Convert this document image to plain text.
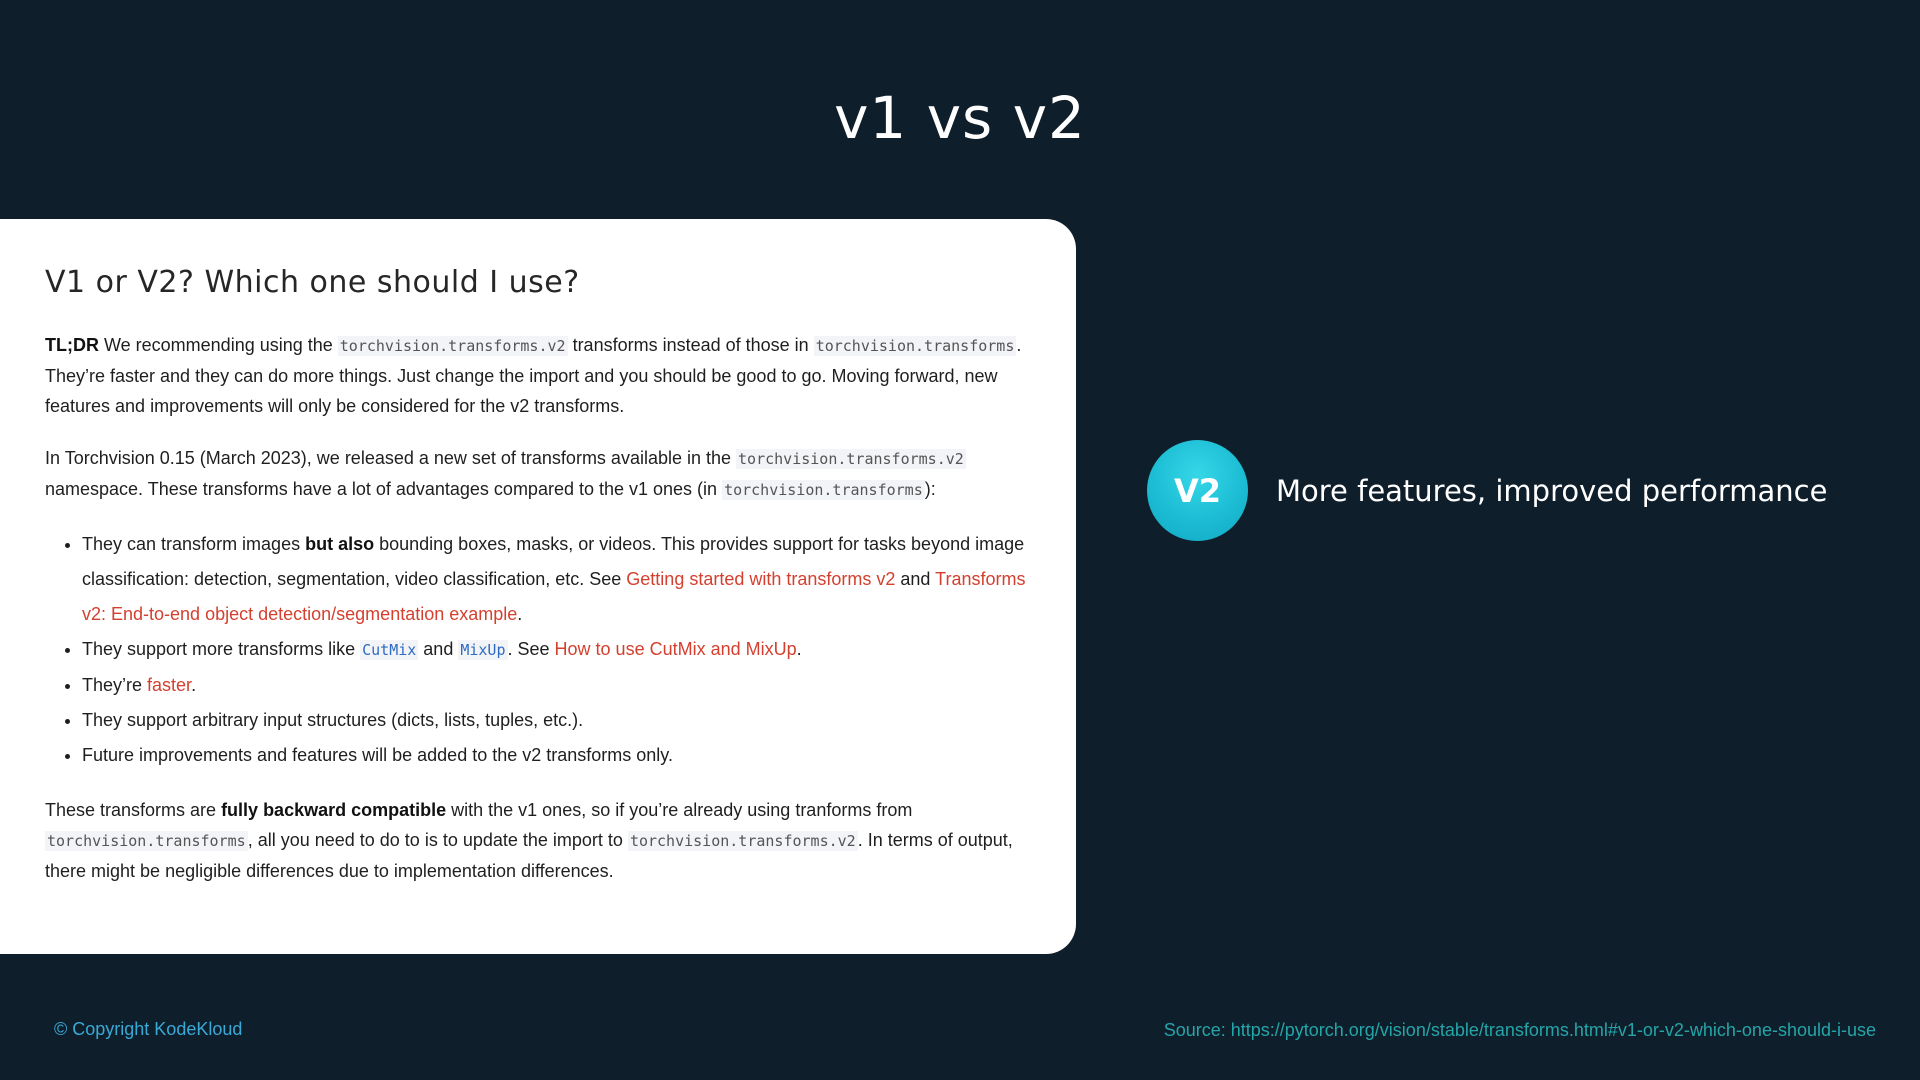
v1 vs v2
V1 or V2? Which one should I use?

TL;DR We recommending using the torchvision.transforms.v2 transforms instead of those in torchvision.transforms . They’re faster and they can do more things. Just change the import and you should be good to go. Moving forward, new features and improvements will only be considered for the v2 transforms.

In Torchvision 0.15 (March 2023), we released a new set of transforms available in the torchvision.transforms.v2 namespace. These transforms have a lot of advantages compared to the v1 ones (in torchvision.transforms ):

• They can transform images but also bounding boxes, masks, or videos. This provides support for tasks beyond image classification: detection, segmentation, video classification, etc. See Getting started with transforms v2 and Transforms v2: End-to-end object detection/segmentation example.
• They support more transforms like CutMix and MixUp . See How to use CutMix and MixUp.
• They’re faster.
• They support arbitrary input structures (dicts, lists, tuples, etc.).
• Future improvements and features will be added to the v2 transforms only.

These transforms are fully backward compatible with the v1 ones, so if you’re already using tranforms from torchvision.transforms , all you need to do to is to update the import to torchvision.transforms.v2 . In terms of output, there might be negligible differences due to implementation differences.

V2	More features, improved performance
© Copyright KodeKloud	Source: https://pytorch.org/vision/stable/transforms.html#v1-or-v2-which-one-should-i-use
